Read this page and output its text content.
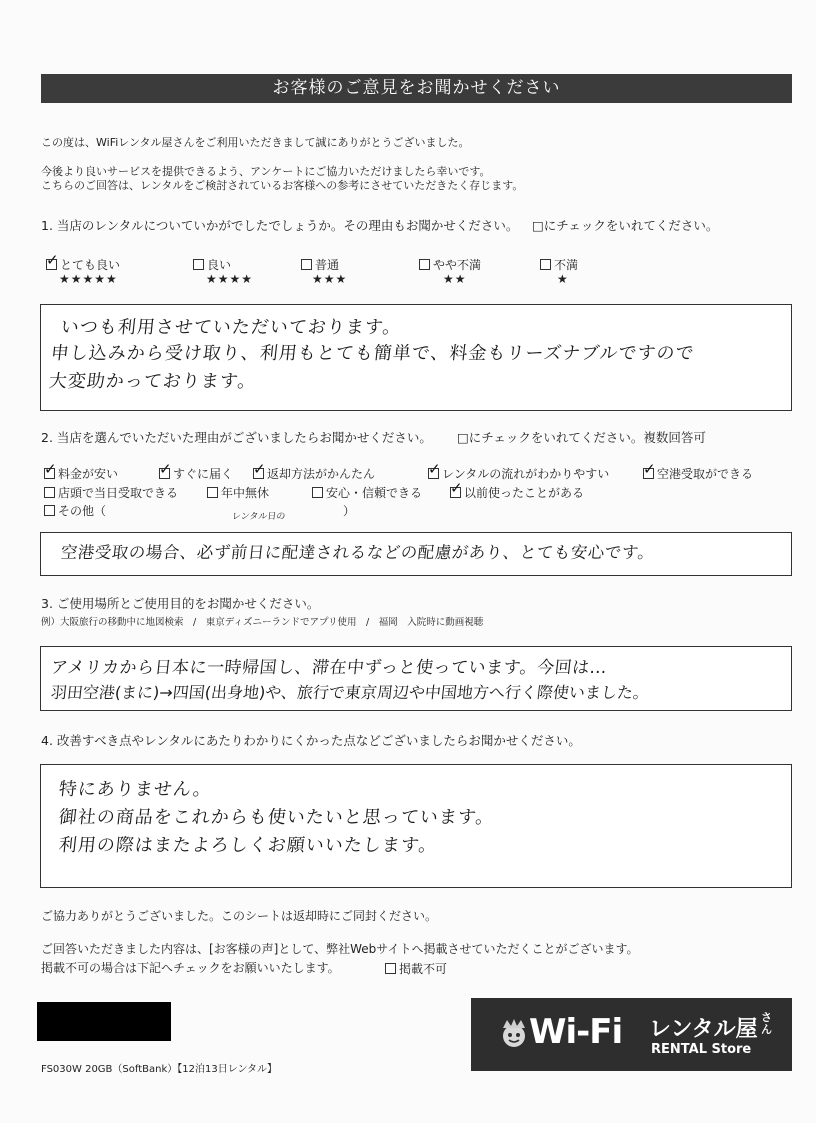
お客様のご意見をお聞かせください
この度は、WiFiレンタル屋さんをご利用いただきまして誠にありがとうございました。
今後より良いサービスを提供できるよう、アンケートにご協力いただけましたら幸いです。
こちらのご回答は、レンタルをご検討されているお客様への参考にさせていただきたく存じます。
1. 当店のレンタルについていかがでしたでしょうか。その理由もお聞かせください。 □にチェックをいれてください。
✓とても良い
★★★★★
良い
★★★★
普通
★★★
やや不満
★★
不満
★
いつも利用させていただいております。
申し込みから受け取り、利用もとても簡単で、料金もリーズナブルですので
大変助かっております。
2. 当店を選んでいただいた理由がございましたらお聞かせください。 □にチェックをいれてください。複数回答可
✓料金が安い ✓	すぐに届く ✓	返却方法がかんたん ✓	レンタルの流れがわかりやすい ✓	空港受取ができる
店頭で当日受取できる	年中無休	安心・信頼できる ✓	以前使ったことがある
その他（	）
レンタル日の
空港受取の場合、必ず前日に配達されるなどの配慮があり、とても安心です。
3. ご使用場所とご使用目的をお聞かせください。
例）大阪旅行の移動中に地図検索　/　東京ディズニーランドでアプリ使用　/　福岡　入院時に動画視聴
アメリカから日本に一時帰国し、滞在中ずっと使っています。今回は…
羽田空港(まに)→四国(出身地)や、旅行で東京周辺や中国地方へ行く際使いました。
4. 改善すべき点やレンタルにあたりわかりにくかった点などございましたらお聞かせください。
特にありません。
御社の商品をこれからも使いたいと思っています。
利用の際はまたよろしくお願いいたします。
ご協力ありがとうございました。このシートは返却時にご同封ください。
ご回答いただきました内容は、[お客様の声]として、弊社Webサイトへ掲載させていただくことがございます。
掲載不可の場合は下記へチェックをお願いいたします。	掲載不可
FS030W 20GB（SoftBank）【12泊13日レンタル】
Wi-Fi レンタル屋 さん
RENTAL Store
